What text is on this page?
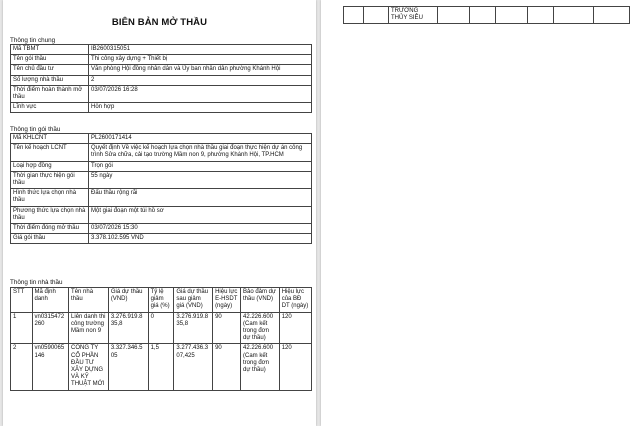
BIÊN BẢN MỞ THẦU
Thông tin chung
Mã TBMT	IB2600315051
Tên gói thầu	Thi công xây dựng + Thiết bị
Tên chủ đầu tư	Văn phòng Hội đồng nhân dân và Ủy ban nhân dân phường Khánh Hội
Số lượng nhà thầu	2
Thời điểm hoàn thành mở thầu	03/07/2026 16:28
Lĩnh vực	Hỗn hợp
Thông tin gói thầu
Mã KHLCNT	PL2600171414
Tên kế hoạch LCNT	Quyết định Về việc kế hoạch lựa chọn nhà thầu giai đoạn thực hiện dự án công trình Sửa chữa, cải tạo trường Mầm non 9, phường Khánh Hội, TP.HCM
Loại hợp đồng	Trọn gói
Thời gian thực hiện gói thầu	55 ngày
Hình thức lựa chọn nhà thầu	Đấu thầu rộng rãi
Phương thức lựa chọn nhà thầu	Một giai đoạn một túi hồ sơ
Thời điểm đóng mở thầu	03/07/2026 15:30
Giá gói thầu	3.378.102.595 VND
Thông tin nhà thầu
STT	Mã định danh	Tên nhà thầu	Giá dự thầu (VND)	Tỷ lệ giảm giá (%)	Giá dự thầu sau giảm giá (VND)	Hiệu lực E-HSDT (ngày)	Bảo đảm dự thầu (VND)	Hiệu lực của BĐ DT (ngày)
1	vn0315472260	Liên danh thi công trường Mầm non 9	3.276.919.835,8	0	3.276.919.835,8	90	42.226.600 (Cam kết trong đơn dự thầu)	120
2	vn0590065146	CÔNG TY CỔ PHẦN ĐẦU TƯ XÂY DỰNG VÀ KỸ THUẬT MỚI	3.327.346.505	1,5	3.277.436.307,425	90	42.226.600 (Cam kết trong đơn dự thầu)	120
		TRƯỜNG THỦY SIÊU						
